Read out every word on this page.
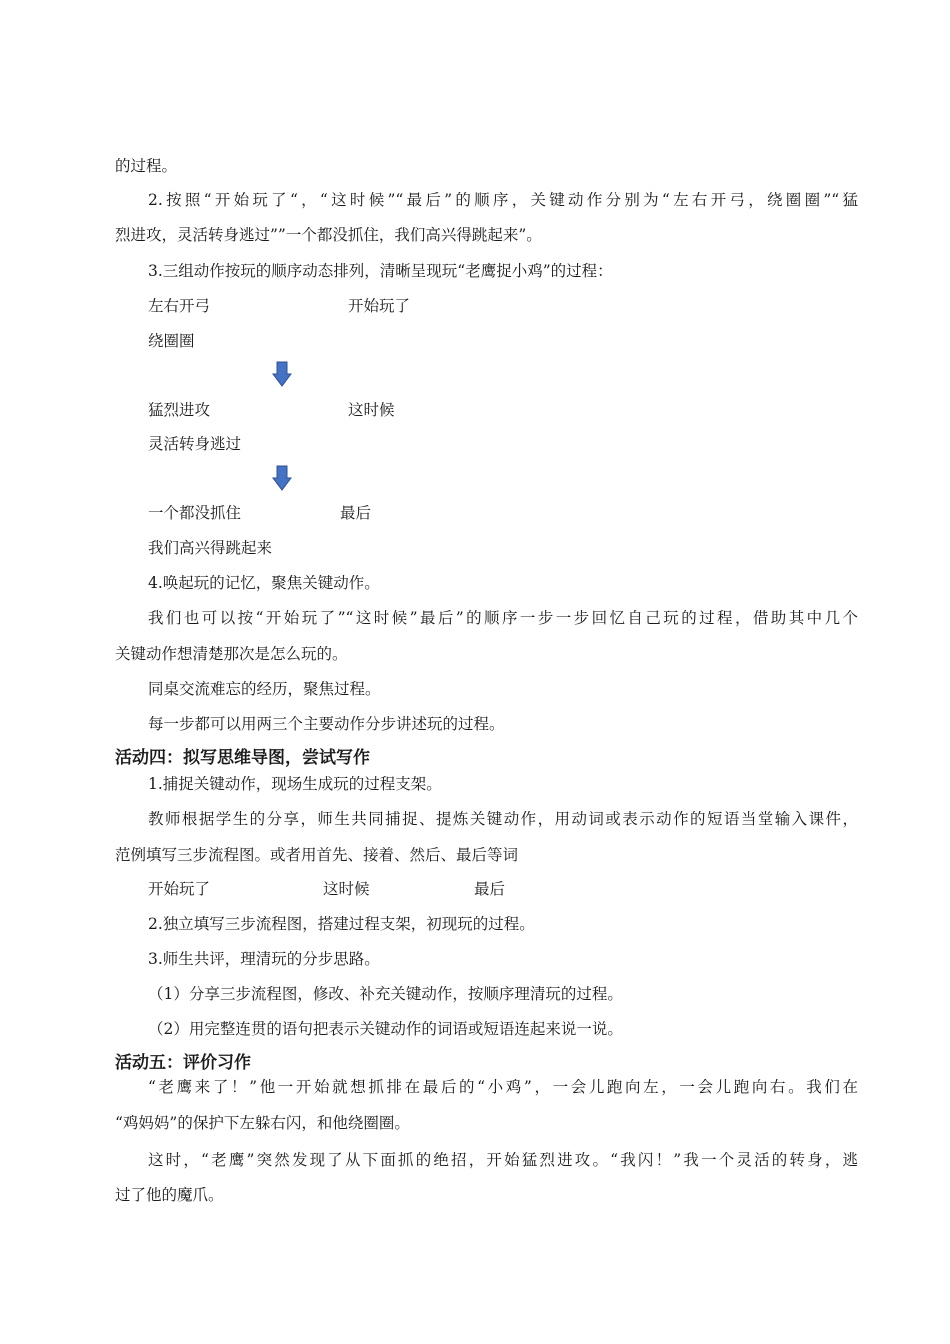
的过程。
2.按照“开始玩了“，“这时候”“最后”的顺序，关键动作分别为“左右开弓，绕圈圈”“猛
烈进攻，灵活转身逃过””一个都没抓住，我们高兴得跳起来”。
3.三组动作按玩的顺序动态排列，清晰呈现玩“老鹰捉小鸡”的过程：
左右开弓	开始玩了
绕圈圈
猛烈进攻	这时候
灵活转身逃过
一个都没抓住	最后
我们高兴得跳起来
4.唤起玩的记忆，聚焦关键动作。
我们也可以按“开始玩了”“这时候”最后”的顺序一步一步回忆自己玩的过程，借助其中几个
关键动作想清楚那次是怎么玩的。
同桌交流难忘的经历，聚焦过程。
每一步都可以用两三个主要动作分步讲述玩的过程。
活动四：拟写思维导图，尝试写作
1.捕捉关键动作，现场生成玩的过程支架。
教师根据学生的分享，师生共同捕捉、提炼关键动作，用动词或表示动作的短语当堂输入课件，
范例填写三步流程图。或者用首先、接着、然后、最后等词
开始玩了	这时候	最后
2.独立填写三步流程图，搭建过程支架，初现玩的过程。
3.师生共评，理清玩的分步思路。
（1）分享三步流程图，修改、补充关键动作，按顺序理清玩的过程。
（2）用完整连贯的语句把表示关键动作的词语或短语连起来说一说。
活动五：评价习作
“老鹰来了！”他一开始就想抓排在最后的“小鸡”，一会儿跑向左，一会儿跑向右。我们在
“鸡妈妈”的保护下左躲右闪，和他绕圈圈。
这时，“老鹰”突然发现了从下面抓的绝招，开始猛烈进攻。“我闪！”我一个灵活的转身，逃
过了他的魔爪。
